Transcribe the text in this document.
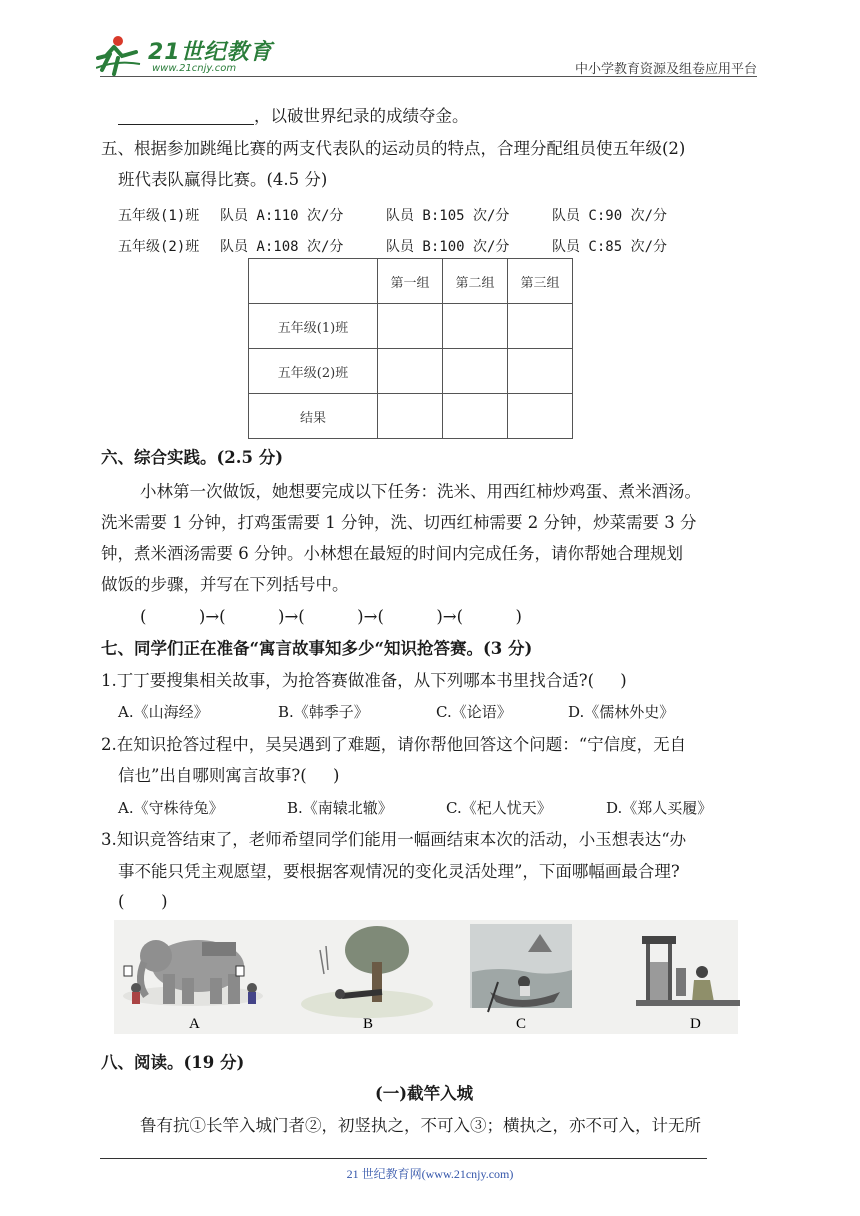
21世纪教育
www.21cnjy.com	中小学教育资源及组卷应用平台
，以破世界纪录的成绩夺金。
五、根据参加跳绳比赛的两支代表队的运动员的特点，合理分配组员使五年级(2)
班代表队赢得比赛。(4.5 分)
五年级(1)班 队员 A:110 次/分	队员 B:105 次/分	队员 C:90 次/分
五年级(2)班 队员 A:108 次/分	队员 B:100 次/分	队员 C:85 次/分
	第一组	第二组	第三组
五年级(1)班			
五年级(2)班			
结果			
六、综合实践。(2.5 分)
小林第一次做饭，她想要完成以下任务：洗米、用西红柿炒鸡蛋、煮米酒汤。
洗米需要 1 分钟，打鸡蛋需要 1 分钟，洗、切西红柿需要 2 分钟，炒菜需要 3 分
钟，煮米酒汤需要 6 分钟。小林想在最短的时间内完成任务，请你帮她合理规划
做饭的步骤，并写在下列括号中。
(          )→(          )→(          )→(          )→(          )
七、同学们正在准备“寓言故事知多少“知识抢答赛。(3 分)
1.丁丁要搜集相关故事，为抢答赛做准备，从下列哪本书里找合适?(     )
A.《山海经》	B.《韩季子》	C.《论语》	D.《儒林外史》
2.在知识抢答过程中，吴吴遇到了难题，请你帮他回答这个问题：“宁信度，无自
信也”出自哪则寓言故事?(     )
A.《守株待兔》	B.《南辕北辙》	C.《杞人忧天》	D.《郑人买履》
3.知识竞答结束了，老师希望同学们能用一幅画结束本次的活动，小玉想表达“办
事不能只凭主观愿望，要根据客观情况的变化灵活处理”，下面哪幅画最合理?
(       )
A	B	C	D
八、阅读。(19 分)
(一)截竿入城
鲁有抗①长竿入城门者②，初竖执之，不可入③；横执之，亦不可入，计无所
21 世纪教育网(www.21cnjy.com)
